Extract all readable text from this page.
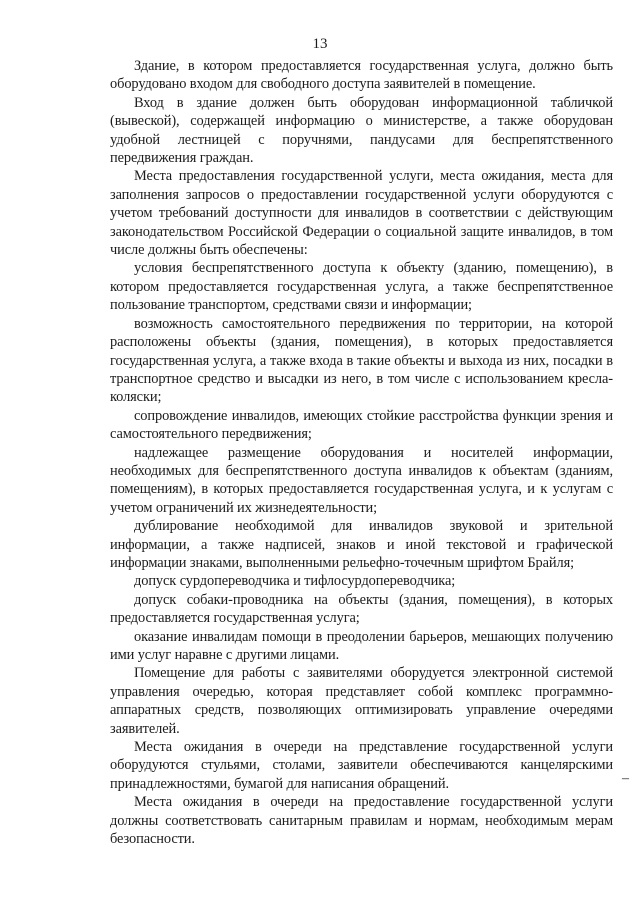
13

Здание, в котором предоставляется государственная услуга, должно быть оборудовано входом для свободного доступа заявителей в помещение.

Вход в здание должен быть оборудован информационной табличкой (вывеской), содержащей информацию о министерстве, а также оборудован удобной лестницей с поручнями, пандусами для беспрепятственного передвижения граждан.

Места предоставления государственной услуги, места ожидания, места для заполнения запросов о предоставлении государственной услуги оборудуются с учетом требований доступности для инвалидов в соответствии с действующим законодательством Российской Федерации о социальной защите инвалидов, в том числе должны быть обеспечены:

условия беспрепятственного доступа к объекту (зданию, помещению), в котором предоставляется государственная услуга, а также беспрепятственное пользование транспортом, средствами связи и информации;

возможность самостоятельного передвижения по территории, на которой расположены объекты (здания, помещения), в которых предоставляется государственная услуга, а также входа в такие объекты и выхода из них, посадки в транспортное средство и высадки из него, в том числе с использованием кресла-коляски;

сопровождение инвалидов, имеющих стойкие расстройства функции зрения и самостоятельного передвижения;

надлежащее размещение оборудования и носителей информации, необходимых для беспрепятственного доступа инвалидов к объектам (зданиям, помещениям), в которых предоставляется государственная услуга, и к услугам с учетом ограничений их жизнедеятельности;

дублирование необходимой для инвалидов звуковой и зрительной информации, а также надписей, знаков и иной текстовой и графической информации знаками, выполненными рельефно-точечным шрифтом Брайля;

допуск сурдопереводчика и тифлосурдопереводчика;

допуск собаки-проводника на объекты (здания, помещения), в которых предоставляется государственная услуга;

оказание инвалидам помощи в преодолении барьеров, мешающих получению ими услуг наравне с другими лицами.

Помещение для работы с заявителями оборудуется электронной системой управления очередью, которая представляет собой комплекс программно-аппаратных средств, позволяющих оптимизировать управление очередями заявителей.

Места ожидания в очереди на представление государственной услуги оборудуются стульями, столами, заявители обеспечиваются канцелярскими принадлежностями, бумагой для написания обращений.

Места ожидания в очереди на предоставление государственной услуги должны соответствовать санитарным правилам и нормам, необходимым мерам безопасности.

–
